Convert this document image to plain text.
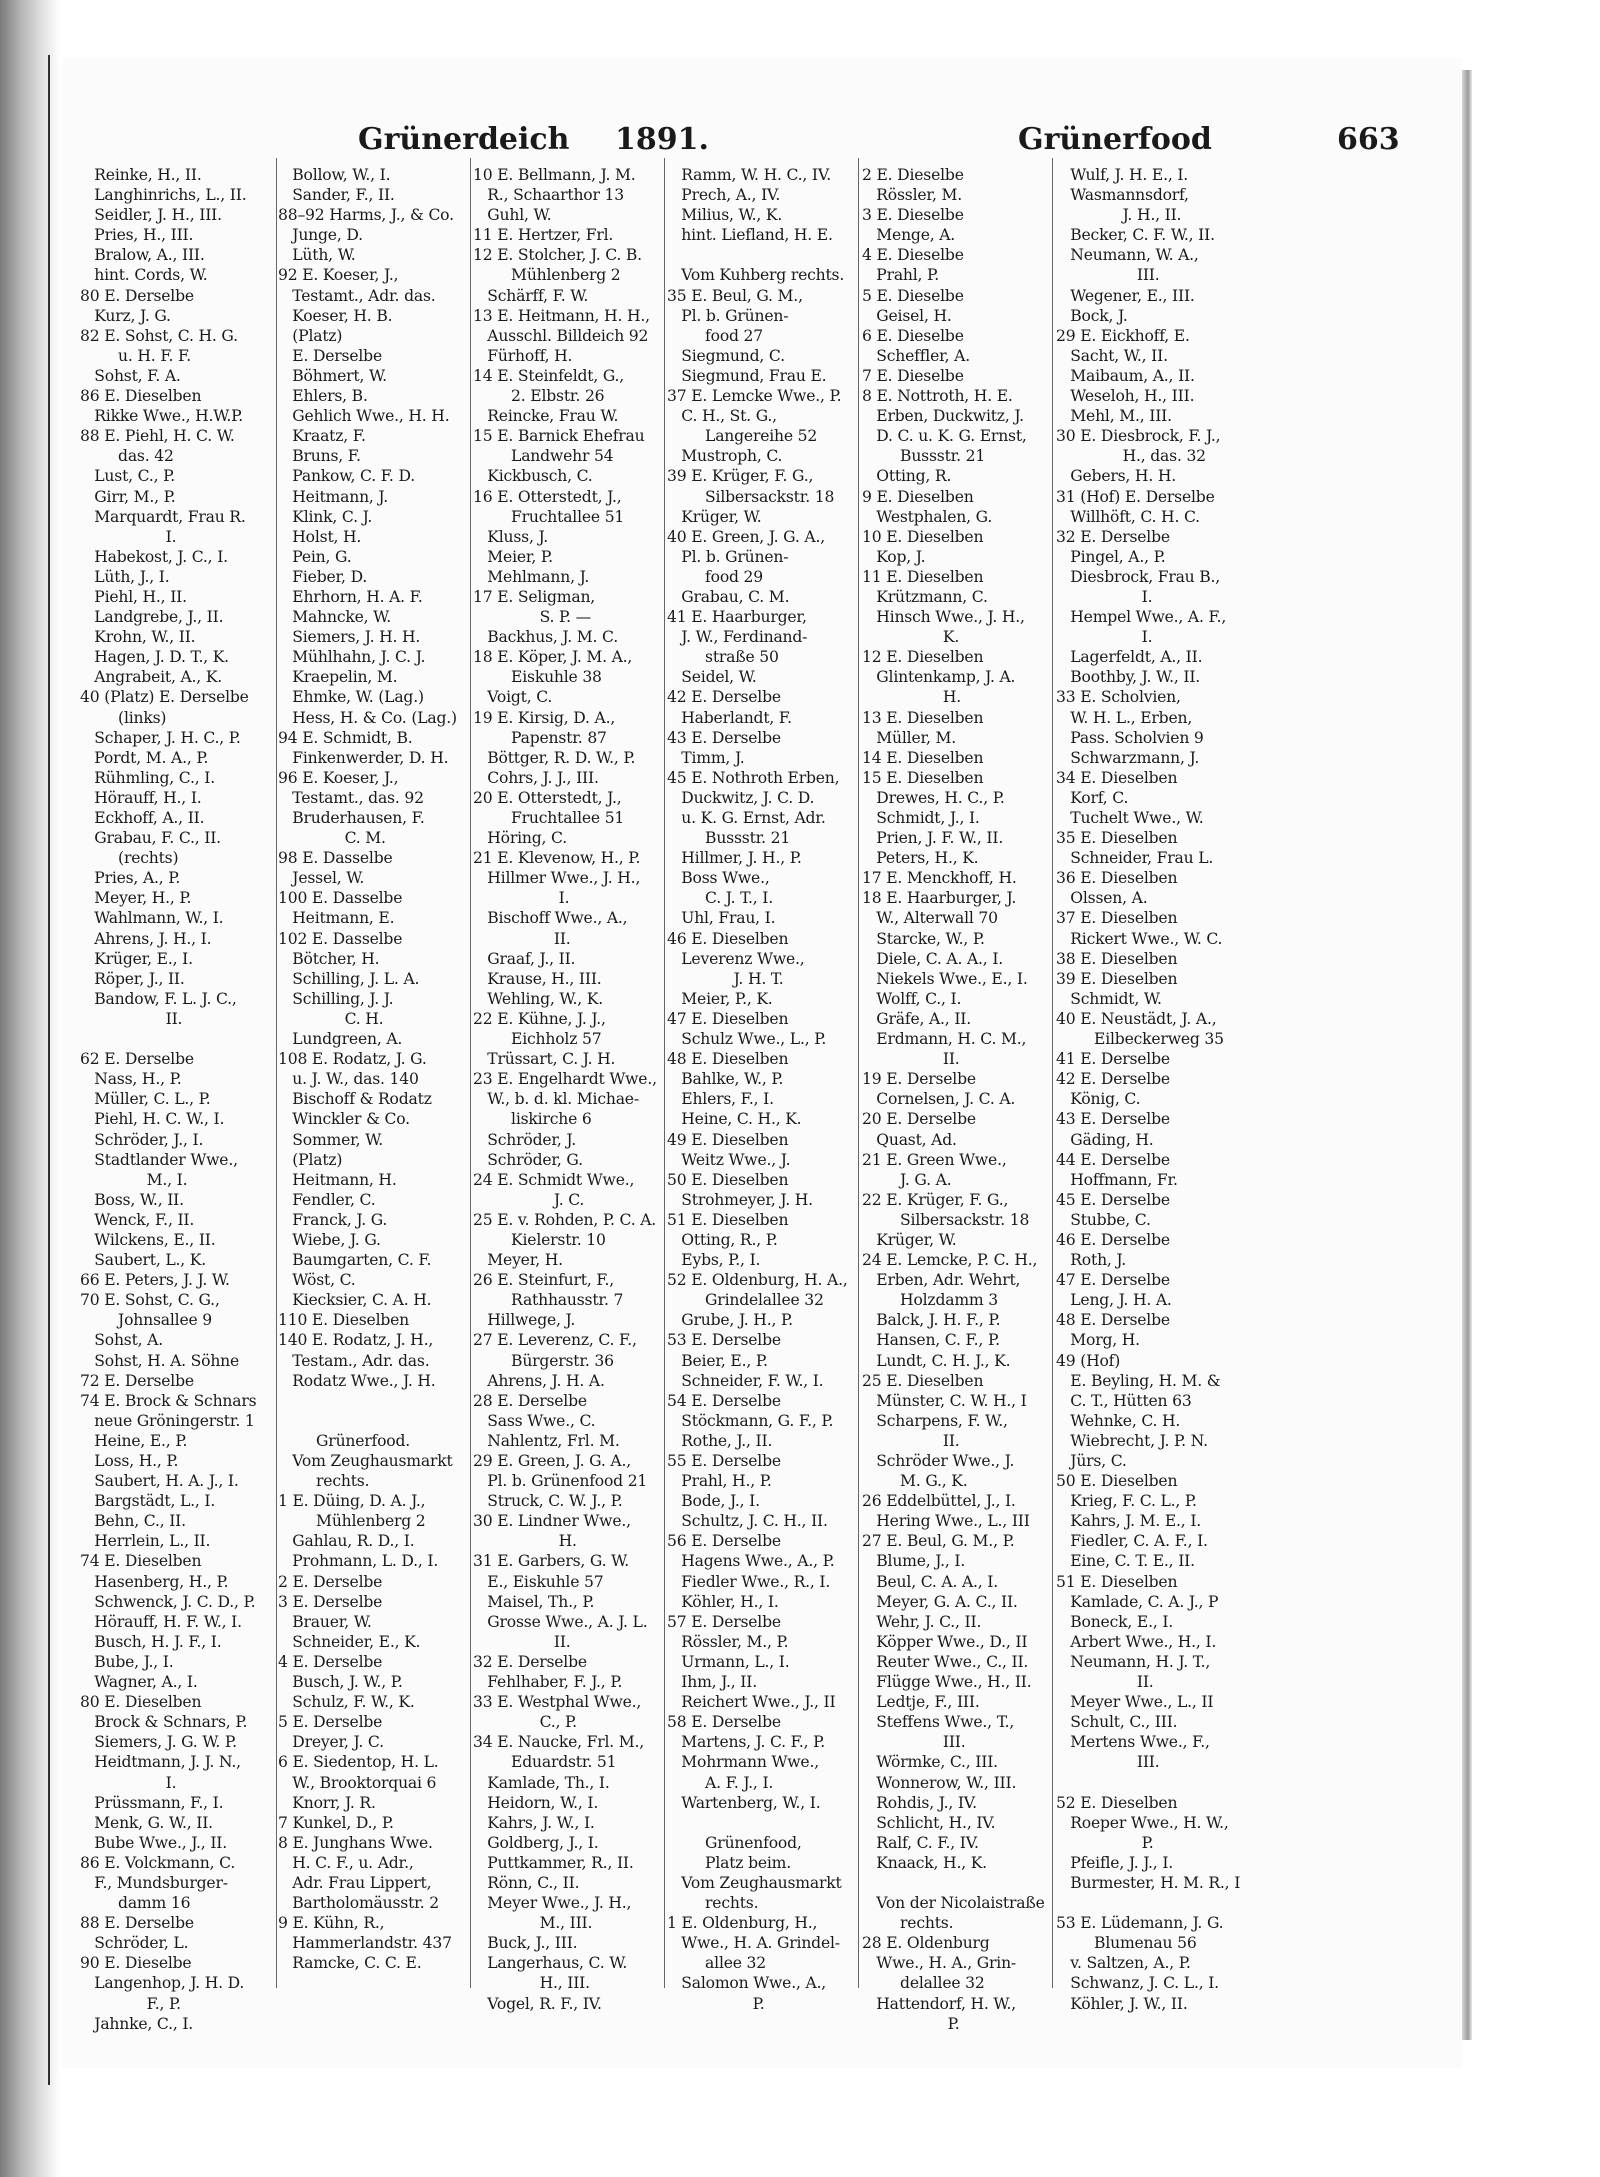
Grünerdeich 1891.	Grünerfood	663
Reinke, H., II.
Langhinrichs, L., II.
Seidler, J. H., III.
Pries, H., III.
Bralow, A., III.
hint. Cords, W.
80 E. Derselbe
Kurz, J. G.
82 E. Sohst, C. H. G.
u. H. F. F.
Sohst, F. A.
86 E. Dieselben
Rikke Wwe., H.W.P.
88 E. Piehl, H. C. W.
das. 42
Lust, C., P.
Girr, M., P.
Marquardt, Frau R.
I.
Habekost, J. C., I.
Lüth, J., I.
Piehl, H., II.
Landgrebe, J., II.
Krohn, W., II.
Hagen, J. D. T., K.
Angrabeit, A., K.
40 (Platz) E. Derselbe
(links)
Schaper, J. H. C., P.
Pordt, M. A., P.
Rühmling, C., I.
Hörauff, H., I.
Eckhoff, A., II.
Grabau, F. C., II.
(rechts)
Pries, A., P.
Meyer, H., P.
Wahlmann, W., I.
Ahrens, J. H., I.
Krüger, E., I.
Röper, J., II.
Bandow, F. L. J. C.,
II.
62 E. Derselbe
Nass, H., P.
Müller, C. L., P.
Piehl, H. C. W., I.
Schröder, J., I.
Stadtlander Wwe.,
M., I.
Boss, W., II.
Wenck, F., II.
Wilckens, E., II.
Saubert, L., K.
66 E. Peters, J. J. W.
70 E. Sohst, C. G.,
Johnsallee 9
Sohst, A.
Sohst, H. A. Söhne
72 E. Derselbe
74 E. Brock & Schnars
neue Gröningerstr. 1
Heine, E., P.
Loss, H., P.
Saubert, H. A. J., I.
Bargstädt, L., I.
Behn, C., II.
Herrlein, L., II.
74 E. Dieselben
Hasenberg, H., P.
Schwenck, J. C. D., P.
Hörauff, H. F. W., I.
Busch, H. J. F., I.
Bube, J., I.
Wagner, A., I.
80 E. Dieselben
Brock & Schnars, P.
Siemers, J. G. W. P.
Heidtmann, J. J. N.,
I.
Prüssmann, F., I.
Menk, G. W., II.
Bube Wwe., J., II.
86 E. Volckmann, C.
F., Mundsburger-
damm 16
88 E. Derselbe
Schröder, L.
90 E. Dieselbe
Langenhop, J. H. D.
F., P.
Jahnke, C., I.
Bollow, W., I.
Sander, F., II.
88–92 Harms, J., & Co.
Junge, D.
Lüth, W.
92 E. Koeser, J.,
Testamt., Adr. das.
Koeser, H. B.
(Platz)
E. Derselbe
Böhmert, W.
Ehlers, B.
Gehlich Wwe., H. H.
Kraatz, F.
Bruns, F.
Pankow, C. F. D.
Heitmann, J.
Klink, C. J.
Holst, H.
Pein, G.
Fieber, D.
Ehrhorn, H. A. F.
Mahncke, W.
Siemers, J. H. H.
Mühlhahn, J. C. J.
Kraepelin, M.
Ehmke, W. (Lag.)
Hess, H. & Co. (Lag.)
94 E. Schmidt, B.
Finkenwerder, D. H.
96 E. Koeser, J.,
Testamt., das. 92
Bruderhausen, F.
C. M.
98 E. Dasselbe
Jessel, W.
100 E. Dasselbe
Heitmann, E.
102 E. Dasselbe
Bötcher, H.
Schilling, J. L. A.
Schilling, J. J.
C. H.
Lundgreen, A.
108 E. Rodatz, J. G.
u. J. W., das. 140
Bischoff & Rodatz
Winckler & Co.
Sommer, W.
(Platz)
Heitmann, H.
Fendler, C.
Franck, J. G.
Wiebe, J. G.
Baumgarten, C. F.
Wöst, C.
Kiecksier, C. A. H.
110 E. Dieselben
140 E. Rodatz, J. H.,
Testam., Adr. das.
Rodatz Wwe., J. H.
Grünerfood.
Vom Zeughausmarkt
rechts.
1 E. Düing, D. A. J.,
Mühlenberg 2
Gahlau, R. D., I.
Prohmann, L. D., I.
2 E. Derselbe
3 E. Derselbe
Brauer, W.
Schneider, E., K.
4 E. Derselbe
Busch, J. W., P.
Schulz, F. W., K.
5 E. Derselbe
Dreyer, J. C.
6 E. Siedentop, H. L.
W., Brooktorquai 6
Knorr, J. R.
7 Kunkel, D., P.
8 E. Junghans Wwe.
H. C. F., u. Adr.,
Adr. Frau Lippert,
Bartholomäusstr. 2
9 E. Kühn, R.,
Hammerlandstr. 437
Ramcke, C. C. E.
10 E. Bellmann, J. M.
R., Schaarthor 13
Guhl, W.
11 E. Hertzer, Frl.
12 E. Stolcher, J. C. B.
Mühlenberg 2
Schärff, F. W.
13 E. Heitmann, H. H.,
Ausschl. Billdeich 92
Fürhoff, H.
14 E. Steinfeldt, G.,
2. Elbstr. 26
Reincke, Frau W.
15 E. Barnick Ehefrau
Landwehr 54
Kickbusch, C.
16 E. Otterstedt, J.,
Fruchtallee 51
Kluss, J.
Meier, P.
Mehlmann, J.
17 E. Seligman,
S. P. —
Backhus, J. M. C.
18 E. Köper, J. M. A.,
Eiskuhle 38
Voigt, C.
19 E. Kirsig, D. A.,
Papenstr. 87
Böttger, R. D. W., P.
Cohrs, J. J., III.
20 E. Otterstedt, J.,
Fruchtallee 51
Höring, C.
21 E. Klevenow, H., P.
Hillmer Wwe., J. H.,
I.
Bischoff Wwe., A.,
II.
Graaf, J., II.
Krause, H., III.
Wehling, W., K.
22 E. Kühne, J. J.,
Eichholz 57
Trüssart, C. J. H.
23 E. Engelhardt Wwe.,
W., b. d. kl. Michae-
liskirche 6
Schröder, J.
Schröder, G.
24 E. Schmidt Wwe.,
J. C.
25 E. v. Rohden, P. C. A.
Kielerstr. 10
Meyer, H.
26 E. Steinfurt, F.,
Rathhausstr. 7
Hillwege, J.
27 E. Leverenz, C. F.,
Bürgerstr. 36
Ahrens, J. H. A.
28 E. Derselbe
Sass Wwe., C.
Nahlentz, Frl. M.
29 E. Green, J. G. A.,
Pl. b. Grünenfood 21
Struck, C. W. J., P.
30 E. Lindner Wwe.,
H.
31 E. Garbers, G. W.
E., Eiskuhle 57
Maisel, Th., P.
Grosse Wwe., A. J. L.
II.
32 E. Derselbe
Fehlhaber, F. J., P.
33 E. Westphal Wwe.,
C., P.
34 E. Naucke, Frl. M.,
Eduardstr. 51
Kamlade, Th., I.
Heidorn, W., I.
Kahrs, J. W., I.
Goldberg, J., I.
Puttkammer, R., II.
Rönn, C., II.
Meyer Wwe., J. H.,
M., III.
Buck, J., III.
Langerhaus, C. W.
H., III.
Vogel, R. F., IV.
Ramm, W. H. C., IV.
Prech, A., IV.
Milius, W., K.
hint. Liefland, H. E.
Vom Kuhberg rechts.
35 E. Beul, G. M.,
Pl. b. Grünen-
food 27
Siegmund, C.
Siegmund, Frau E.
37 E. Lemcke Wwe., P.
C. H., St. G.,
Langereihe 52
Mustroph, C.
39 E. Krüger, F. G.,
Silbersackstr. 18
Krüger, W.
40 E. Green, J. G. A.,
Pl. b. Grünen-
food 29
Grabau, C. M.
41 E. Haarburger,
J. W., Ferdinand-
straße 50
Seidel, W.
42 E. Derselbe
Haberlandt, F.
43 E. Derselbe
Timm, J.
45 E. Nothroth Erben,
Duckwitz, J. C. D.
u. K. G. Ernst, Adr.
Bussstr. 21
Hillmer, J. H., P.
Boss Wwe.,
C. J. T., I.
Uhl, Frau, I.
46 E. Dieselben
Leverenz Wwe.,
J. H. T.
Meier, P., K.
47 E. Dieselben
Schulz Wwe., L., P.
48 E. Dieselben
Bahlke, W., P.
Ehlers, F., I.
Heine, C. H., K.
49 E. Dieselben
Weitz Wwe., J.
50 E. Dieselben
Strohmeyer, J. H.
51 E. Dieselben
Otting, R., P.
Eybs, P., I.
52 E. Oldenburg, H. A.,
Grindelallee 32
Grube, J. H., P.
53 E. Derselbe
Beier, E., P.
Schneider, F. W., I.
54 E. Derselbe
Stöckmann, G. F., P.
Rothe, J., II.
55 E. Derselbe
Prahl, H., P.
Bode, J., I.
Schultz, J. C. H., II.
56 E. Derselbe
Hagens Wwe., A., P.
Fiedler Wwe., R., I.
Köhler, H., I.
57 E. Derselbe
Rössler, M., P.
Urmann, L., I.
Ihm, J., II.
Reichert Wwe., J., II
58 E. Derselbe
Martens, J. C. F., P.
Mohrmann Wwe.,
A. F. J., I.
Wartenberg, W., I.
Grünenfood,
Platz beim.
Vom Zeughausmarkt
rechts.
1 E. Oldenburg, H.,
Wwe., H. A. Grindel-
allee 32
Salomon Wwe., A.,
P.
2 E. Dieselbe
Rössler, M.
3 E. Dieselbe
Menge, A.
4 E. Dieselbe
Prahl, P.
5 E. Dieselbe
Geisel, H.
6 E. Dieselbe
Scheffler, A.
7 E. Dieselbe
8 E. Nottroth, H. E.
Erben, Duckwitz, J.
D. C. u. K. G. Ernst,
Bussstr. 21
Otting, R.
9 E. Dieselben
Westphalen, G.
10 E. Dieselben
Kop, J.
11 E. Dieselben
Krützmann, C.
Hinsch Wwe., J. H.,
K.
12 E. Dieselben
Glintenkamp, J. A.
H.
13 E. Dieselben
Müller, M.
14 E. Dieselben
15 E. Dieselben
Drewes, H. C., P.
Schmidt, J., I.
Prien, J. F. W., II.
Peters, H., K.
17 E. Menckhoff, H.
18 E. Haarburger, J.
W., Alterwall 70
Starcke, W., P.
Diele, C. A. A., I.
Niekels Wwe., E., I.
Wolff, C., I.
Gräfe, A., II.
Erdmann, H. C. M.,
II.
19 E. Derselbe
Cornelsen, J. C. A.
20 E. Derselbe
Quast, Ad.
21 E. Green Wwe.,
J. G. A.
22 E. Krüger, F. G.,
Silbersackstr. 18
Krüger, W.
24 E. Lemcke, P. C. H.,
Erben, Adr. Wehrt,
Holzdamm 3
Balck, J. H. F., P.
Hansen, C. F., P.
Lundt, C. H. J., K.
25 E. Dieselben
Münster, C. W. H., I
Scharpens, F. W.,
II.
Schröder Wwe., J.
M. G., K.
26 Eddelbüttel, J., I.
Hering Wwe., L., III
27 E. Beul, G. M., P.
Blume, J., I.
Beul, C. A. A., I.
Meyer, G. A. C., II.
Wehr, J. C., II.
Köpper Wwe., D., II
Reuter Wwe., C., II.
Flügge Wwe., H., II.
Ledtje, F., III.
Steffens Wwe., T.,
III.
Wörmke, C., III.
Wonnerow, W., III.
Rohdis, J., IV.
Schlicht, H., IV.
Ralf, C. F., IV.
Knaack, H., K.
Von der Nicolaistraße
rechts.
28 E. Oldenburg
Wwe., H. A., Grin-
delallee 32
Hattendorf, H. W.,
P.
Wulf, J. H. E., I.
Wasmannsdorf,
J. H., II.
Becker, C. F. W., II.
Neumann, W. A.,
III.
Wegener, E., III.
Bock, J.
29 E. Eickhoff, E.
Sacht, W., II.
Maibaum, A., II.
Weseloh, H., III.
Mehl, M., III.
30 E. Diesbrock, F. J.,
H., das. 32
Gebers, H. H.
31 (Hof) E. Derselbe
Willhöft, C. H. C.
32 E. Derselbe
Pingel, A., P.
Diesbrock, Frau B.,
I.
Hempel Wwe., A. F.,
I.
Lagerfeldt, A., II.
Boothby, J. W., II.
33 E. Scholvien,
W. H. L., Erben,
Pass. Scholvien 9
Schwarzmann, J.
34 E. Dieselben
Korf, C.
Tuchelt Wwe., W.
35 E. Dieselben
Schneider, Frau L.
36 E. Dieselben
Olssen, A.
37 E. Dieselben
Rickert Wwe., W. C.
38 E. Dieselben
39 E. Dieselben
Schmidt, W.
40 E. Neustädt, J. A.,
Eilbeckerweg 35
41 E. Derselbe
42 E. Derselbe
König, C.
43 E. Derselbe
Gäding, H.
44 E. Derselbe
Hoffmann, Fr.
45 E. Derselbe
Stubbe, C.
46 E. Derselbe
Roth, J.
47 E. Derselbe
Leng, J. H. A.
48 E. Derselbe
Morg, H.
49 (Hof)
E. Beyling, H. M. &
C. T., Hütten 63
Wehnke, C. H.
Wiebrecht, J. P. N.
Jürs, C.
50 E. Dieselben
Krieg, F. C. L., P.
Kahrs, J. M. E., I.
Fiedler, C. A. F., I.
Eine, C. T. E., II.
51 E. Dieselben
Kamlade, C. A. J., P
Boneck, E., I.
Arbert Wwe., H., I.
Neumann, H. J. T.,
II.
Meyer Wwe., L., II
Schult, C., III.
Mertens Wwe., F.,
III.
52 E. Dieselben
Roeper Wwe., H. W.,
P.
Pfeifle, J. J., I.
Burmester, H. M. R., I
53 E. Lüdemann, J. G.
Blumenau 56
v. Saltzen, A., P.
Schwanz, J. C. L., I.
Köhler, J. W., II.
